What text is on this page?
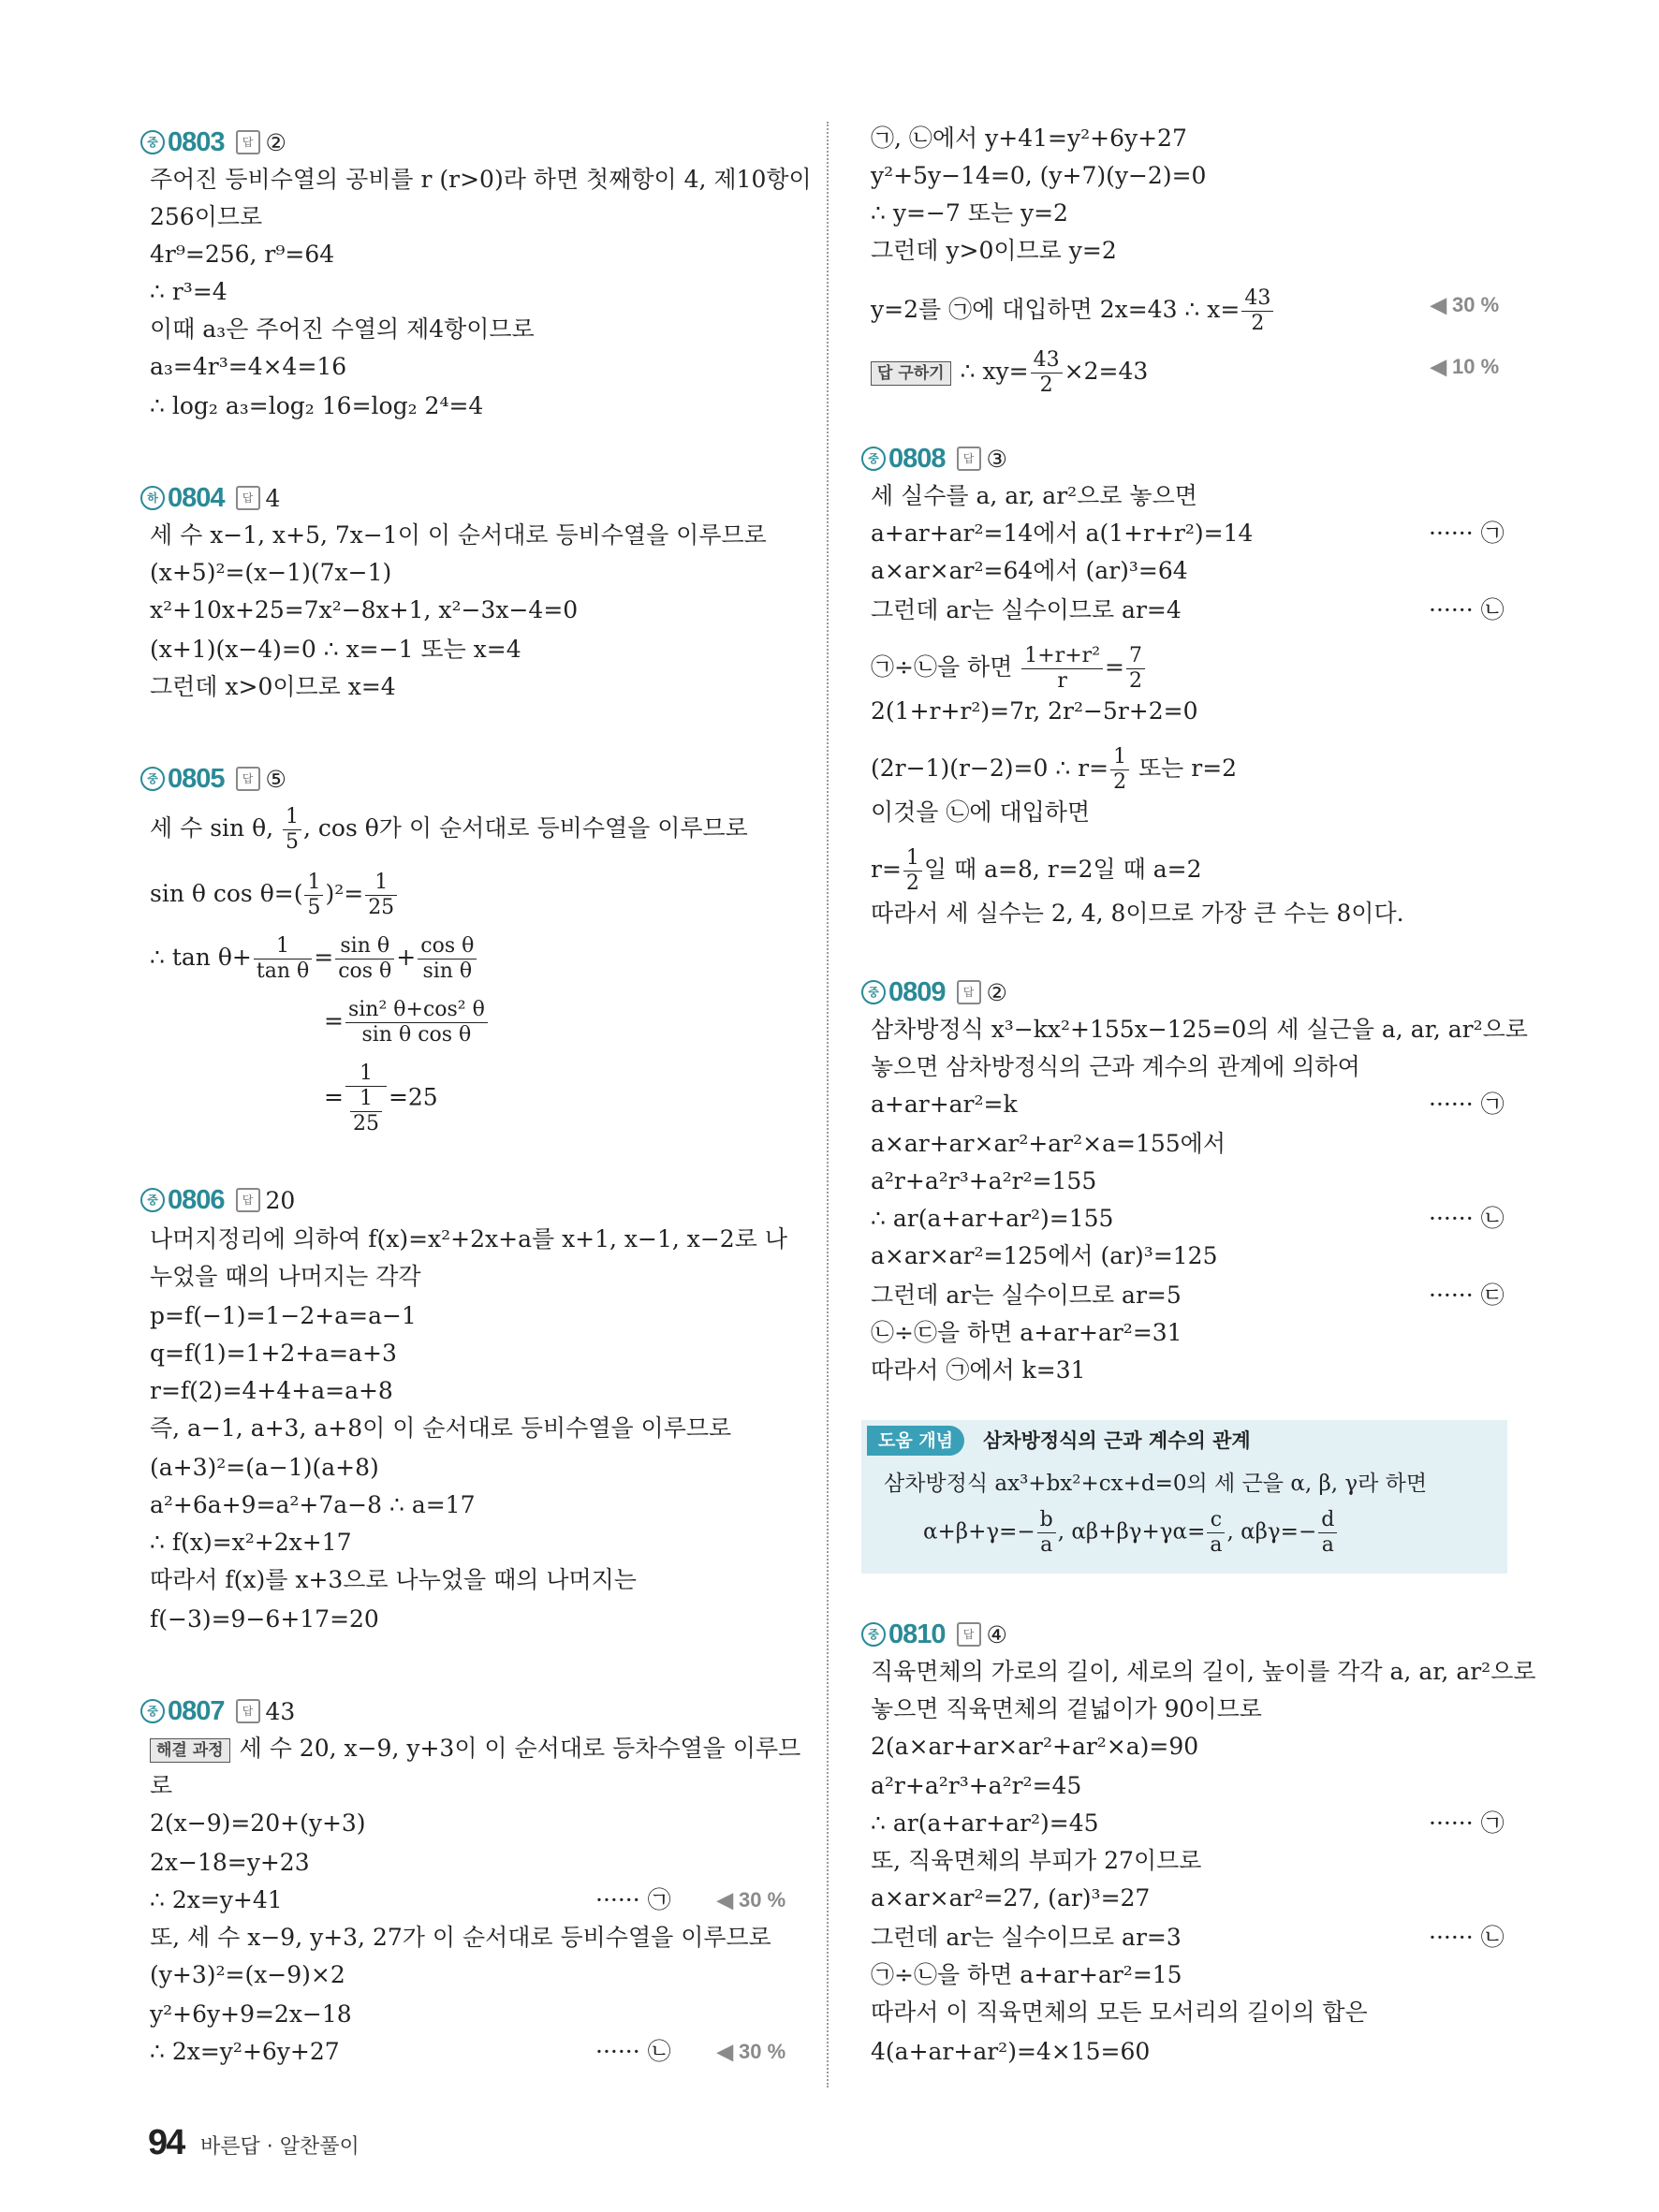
중 0803	답 ②
주어진 등비수열의 공비를 r (r>0)라 하면 첫째항이 4, 제10항이
256이므로
4r⁹=256, r⁹=64
∴ r³=4
이때 a₃은 주어진 수열의 제4항이므로
a₃=4r³=4×4=16
∴ log₂ a₃=log₂ 16=log₂ 2⁴=4
하 0804	답 4
세 수 x−1, x+5, 7x−1이 이 순서대로 등비수열을 이루므로
(x+5)²=(x−1)(7x−1)
x²+10x+25=7x²−8x+1, x²−3x−4=0
(x+1)(x−4)=0 ∴ x=−1 또는 x=4
그런데 x>0이므로 x=4
중 0805	답 ⑤
세 수 sin θ, $\frac{1}{5}$ , cos θ가 이 순서대로 등비수열을 이루므로
sin θ $\cos \theta=( \frac{1}{5} )^2= \frac{1}{25}$
∴ $\tan \theta+ \frac{1}{\text{tan θ}} = \frac{\text{sin θ}}{\text{cos θ}} + \frac{\text{cos θ}}{\text{sin θ}}$
= $\frac{\text{sin² θ+cos² θ}}{\text{sin θ cos θ}}$
= $\frac{1}{\frac{1}{25}} =25$
중 0806	답 20
나머지정리에 의하여 f(x)=x²+2x+a를 x+1, x−1, x−2로 나
누었을 때의 나머지는 각각
p=f(−1)=1−2+a=a−1
q=f(1)=1+2+a=a+3
r=f(2)=4+4+a=a+8
즉, a−1, a+3, a+8이 이 순서대로 등비수열을 이루므로
(a+3)²=(a−1)(a+8)
a²+6a+9=a²+7a−8 ∴ a=17
∴ f(x)=x²+2x+17
따라서 f(x)를 x+3으로 나누었을 때의 나머지는
f(−3)=9−6+17=20
중 0807	답 43
해결 과정 세 수 20, x−9, y+3이 이 순서대로 등차수열을 이루므
로
2(x−9)=20+(y+3)
2x−18=y+23
∴ 2x=y+41	······ ㉠ ◀ 30 %
또, 세 수 x−9, y+3, 27가 이 순서대로 등비수열을 이루므로
(y+3)²=(x−9)×2
y²+6y+9=2x−18
∴ 2x=y²+6y+27	······ ㉡ ◀ 30 %
㉠, ㉡에서 y+41=y²+6y+27
y²+5y−14=0, (y+7)(y−2)=0
∴ y=−7 또는 y=2
그런데 y>0이므로 y=2
y=2를 ㉠에 대입하면 2x=43 ∴ $x= \frac{43}{2}$	◀ 30 %
답 구하기 ∴ $xy= \frac{43}{2} \times 2=43$	◀ 10 %
중 0808	답 ③
세 실수를 a, ar, ar²으로 놓으면
a+ar+ar²=14에서 a(1+r+r²)=14	······ ㉠
a×ar×ar²=64에서 (ar)³=64
그런데 ar는 실수이므로 ar=4	······ ㉡
㉠÷㉡을 하면 $\frac{\text{1+r+r²}}{r} = \frac{7}{2}$
2(1+r+r²)=7r, 2r²−5r+2=0
(2r−1)(r−2)=0 ∴ $r= \frac{1}{2}$ 또는 r=2
이것을 ㉡에 대입하면
$r= \frac{1}{2}$ 일 때 a=8, r=2일 때 a=2
따라서 세 실수는 2, 4, 8이므로 가장 큰 수는 8이다.
중 0809	답 ②
삼차방정식 x³−kx²+155x−125=0의 세 실근을 a, ar, ar²으로
놓으면 삼차방정식의 근과 계수의 관계에 의하여
a+ar+ar²=k	······ ㉠
a×ar+ar×ar²+ar²×a=155에서
a²r+a²r³+a²r²=155
∴ ar(a+ar+ar²)=155	······ ㉡
a×ar×ar²=125에서 (ar)³=125
그런데 ar는 실수이므로 ar=5	······ ㉢
㉡÷㉢을 하면 a+ar+ar²=31
따라서 ㉠에서 k=31
도움 개념	삼차방정식의 근과 계수의 관계
삼차방정식 ax³+bx²+cx+d=0의 세 근을 α, β, γ라 하면
$\alpha+\beta+\gamma=- \frac{b}{a}$ , $\alpha\beta+\beta\gamma+\gamma\alpha= \frac{c}{a}$ , $\alpha\beta\gamma=- \frac{d}{a}$
중 0810	답 ④
직육면체의 가로의 길이, 세로의 길이, 높이를 각각 a, ar, ar²으로
놓으면 직육면체의 겉넓이가 90이므로
2(a×ar+ar×ar²+ar²×a)=90
a²r+a²r³+a²r²=45
∴ ar(a+ar+ar²)=45	······ ㉠
또, 직육면체의 부피가 27이므로
a×ar×ar²=27, (ar)³=27
그런데 ar는 실수이므로 ar=3	······ ㉡
㉠÷㉡을 하면 a+ar+ar²=15
따라서 이 직육면체의 모든 모서리의 길이의 합은
4(a+ar+ar²)=4×15=60
94 바른답 · 알찬풀이
